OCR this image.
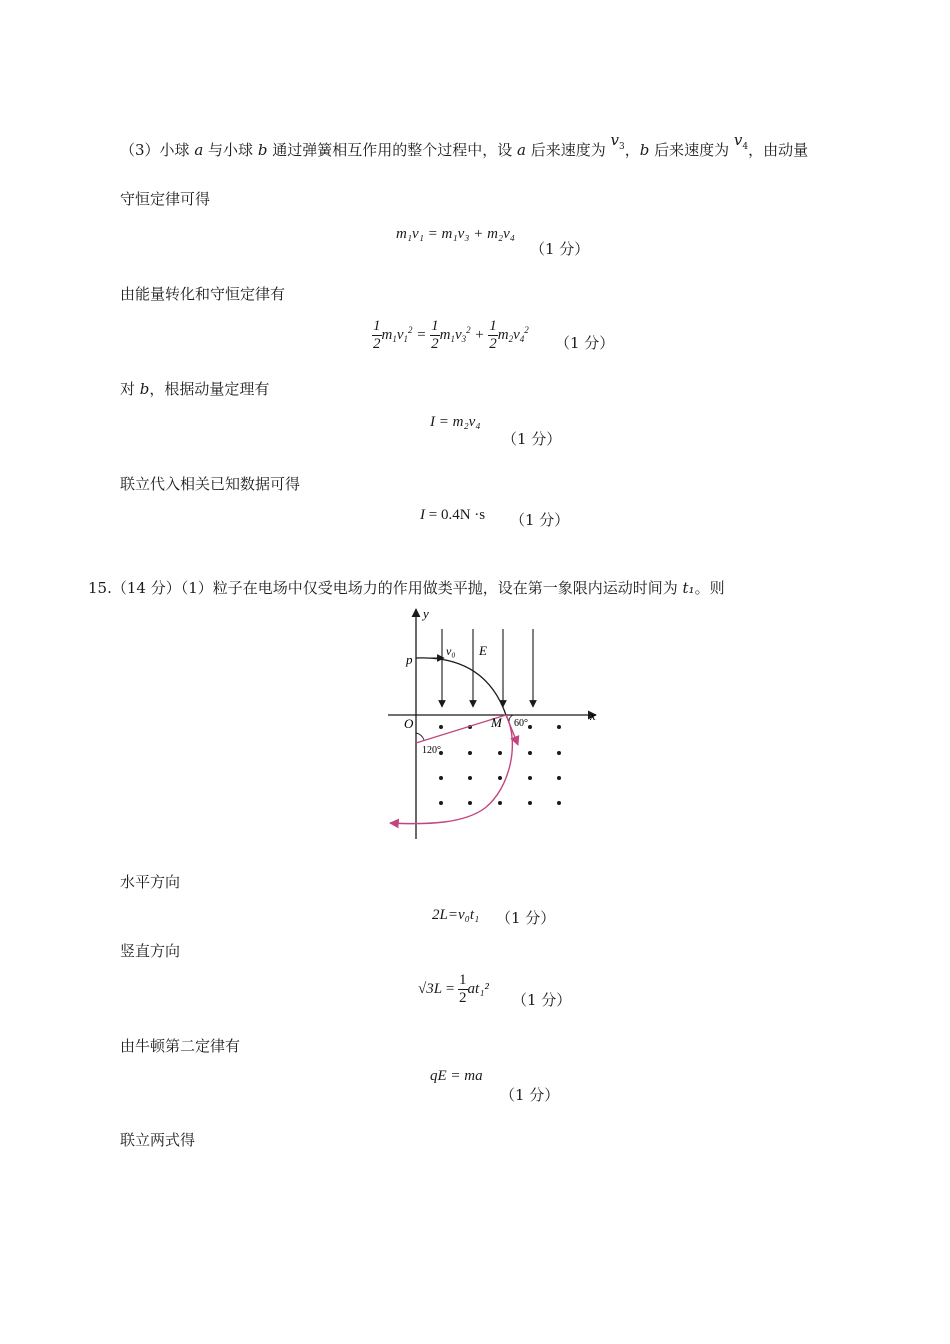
（3）小球 a 与小球 b 通过弹簧相互作用的整个过程中，设 a 后来速度为 $v^3$，b 后来速度为 $v^4$，由动量
守恒定律可得
m₁v₁ = m₁v₃ + m₂v₄
（1 分）
由能量转化和守恒定律有
$\frac{1}{2} m_1v_1^2 = \frac{1}{2} m_1v_3^2 + \frac{1}{2} m_2v_4^2$
（1 分）
对 b，根据动量定理有
I = m₂v₄
（1 分）
联立代入相关已知数据可得
I = 0.4N ·s （1 分）
15.（14 分）（1）粒子在电场中仅受电场力的作用做类平抛，设在第一象限内运动时间为 t₁。则
y
x
p
v₀ E
O	M 60°
120°
水平方向
2L=v₀t₁ （1 分）
竖直方向
$√3L = \frac{1}{2} at_1^2$
（1 分）
由牛顿第二定律有
qE = ma
（1 分）
联立两式得
